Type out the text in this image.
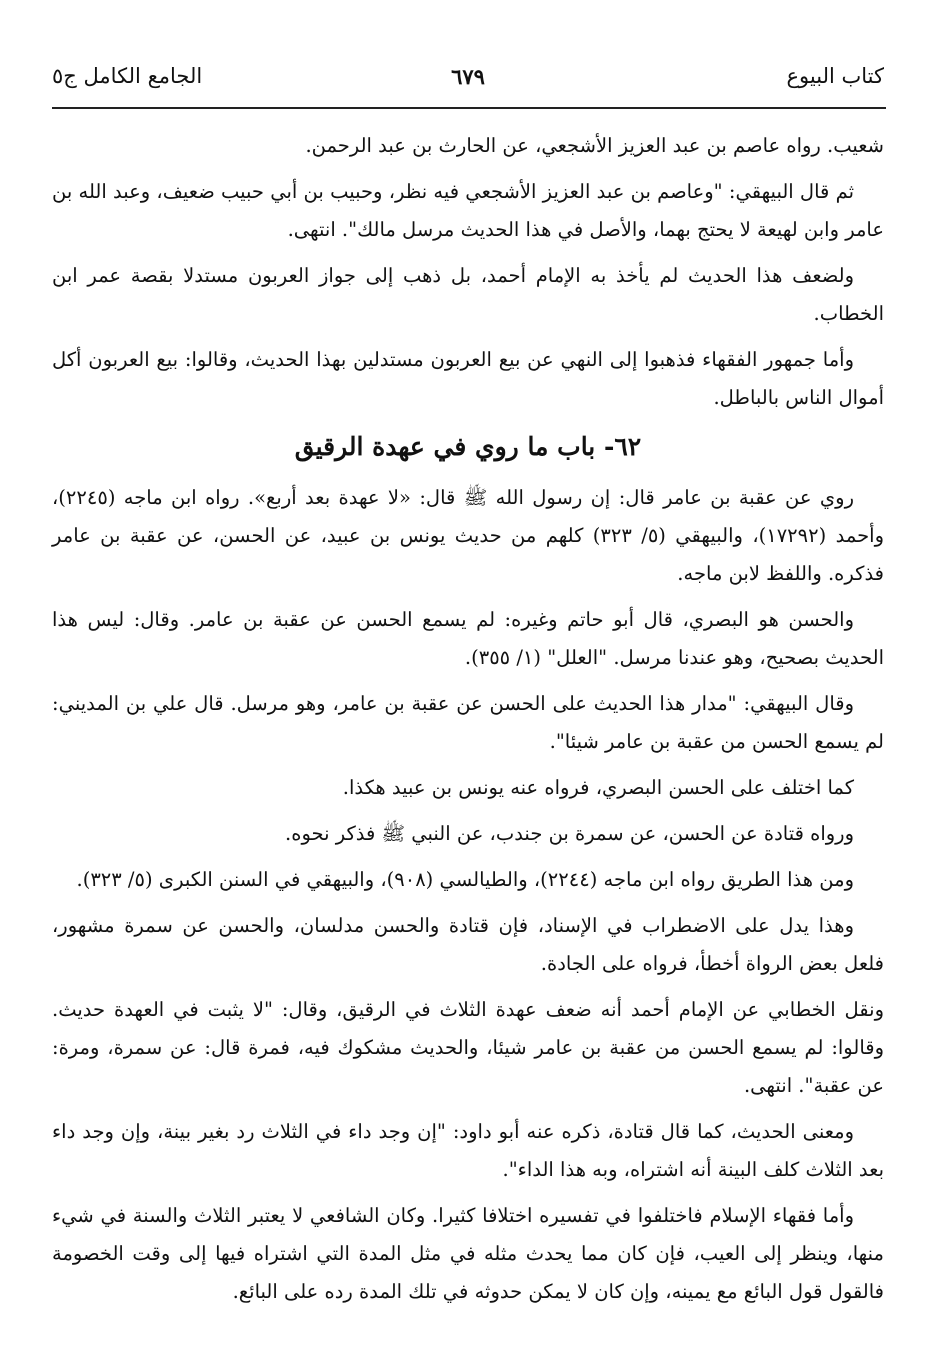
كتاب البيوع
٦٧٩
الجامع الكامل ج٥

شعيب. رواه عاصم بن عبد العزيز الأشجعي، عن الحارث بن عبد الرحمن.

ثم قال البيهقي: "وعاصم بن عبد العزيز الأشجعي فيه نظر، وحبيب بن أبي حبيب ضعيف، وعبد الله بن عامر وابن لهيعة لا يحتج بهما، والأصل في هذا الحديث مرسل مالك". انتهى.

ولضعف هذا الحديث لم يأخذ به الإمام أحمد، بل ذهب إلى جواز العربون مستدلا بقصة عمر ابن الخطاب.

وأما جمهور الفقهاء فذهبوا إلى النهي عن بيع العربون مستدلين بهذا الحديث، وقالوا: بيع العربون أكل أموال الناس بالباطل.

٦٢- باب ما روي في عهدة الرقيق

روي عن عقبة بن عامر قال: إن رسول الله ﷺ قال: «لا عهدة بعد أربع». رواه ابن ماجه (٢٢٤٥)، وأحمد (١٧٢٩٢)، والبيهقي (٥/ ٣٢٣) كلهم من حديث يونس بن عبيد، عن الحسن، عن عقبة بن عامر فذكره. واللفظ لابن ماجه.

والحسن هو البصري، قال أبو حاتم وغيره: لم يسمع الحسن عن عقبة بن عامر. وقال: ليس هذا الحديث بصحيح، وهو عندنا مرسل. "العلل" (١/ ٣٥٥).

وقال البيهقي: "مدار هذا الحديث على الحسن عن عقبة بن عامر، وهو مرسل. قال علي بن المديني: لم يسمع الحسن من عقبة بن عامر شيئا".

كما اختلف على الحسن البصري، فرواه عنه يونس بن عبيد هكذا.

ورواه قتادة عن الحسن، عن سمرة بن جندب، عن النبي ﷺ فذكر نحوه.

ومن هذا الطريق رواه ابن ماجه (٢٢٤٤)، والطيالسي (٩٠٨)، والبيهقي في السنن الكبرى (٥/ ٣٢٣).

وهذا يدل على الاضطراب في الإسناد، فإن قتادة والحسن مدلسان، والحسن عن سمرة مشهور، فلعل بعض الرواة أخطأ، فرواه على الجادة.

ونقل الخطابي عن الإمام أحمد أنه ضعف عهدة الثلاث في الرقيق، وقال: "لا يثبت في العهدة حديث. وقالوا: لم يسمع الحسن من عقبة بن عامر شيئا، والحديث مشكوك فيه، فمرة قال: عن سمرة، ومرة: عن عقبة". انتهى.

ومعنى الحديث، كما قال قتادة، ذكره عنه أبو داود: "إن وجد داء في الثلاث رد بغير بينة، وإن وجد داء بعد الثلاث كلف البينة أنه اشتراه، وبه هذا الداء".

وأما فقهاء الإسلام فاختلفوا في تفسيره اختلافا كثيرا. وكان الشافعي لا يعتبر الثلاث والسنة في شيء منها، وينظر إلى العيب، فإن كان مما يحدث مثله في مثل المدة التي اشتراه فيها إلى وقت الخصومة فالقول قول البائع مع يمينه، وإن كان لا يمكن حدوثه في تلك المدة رده على البائع.
